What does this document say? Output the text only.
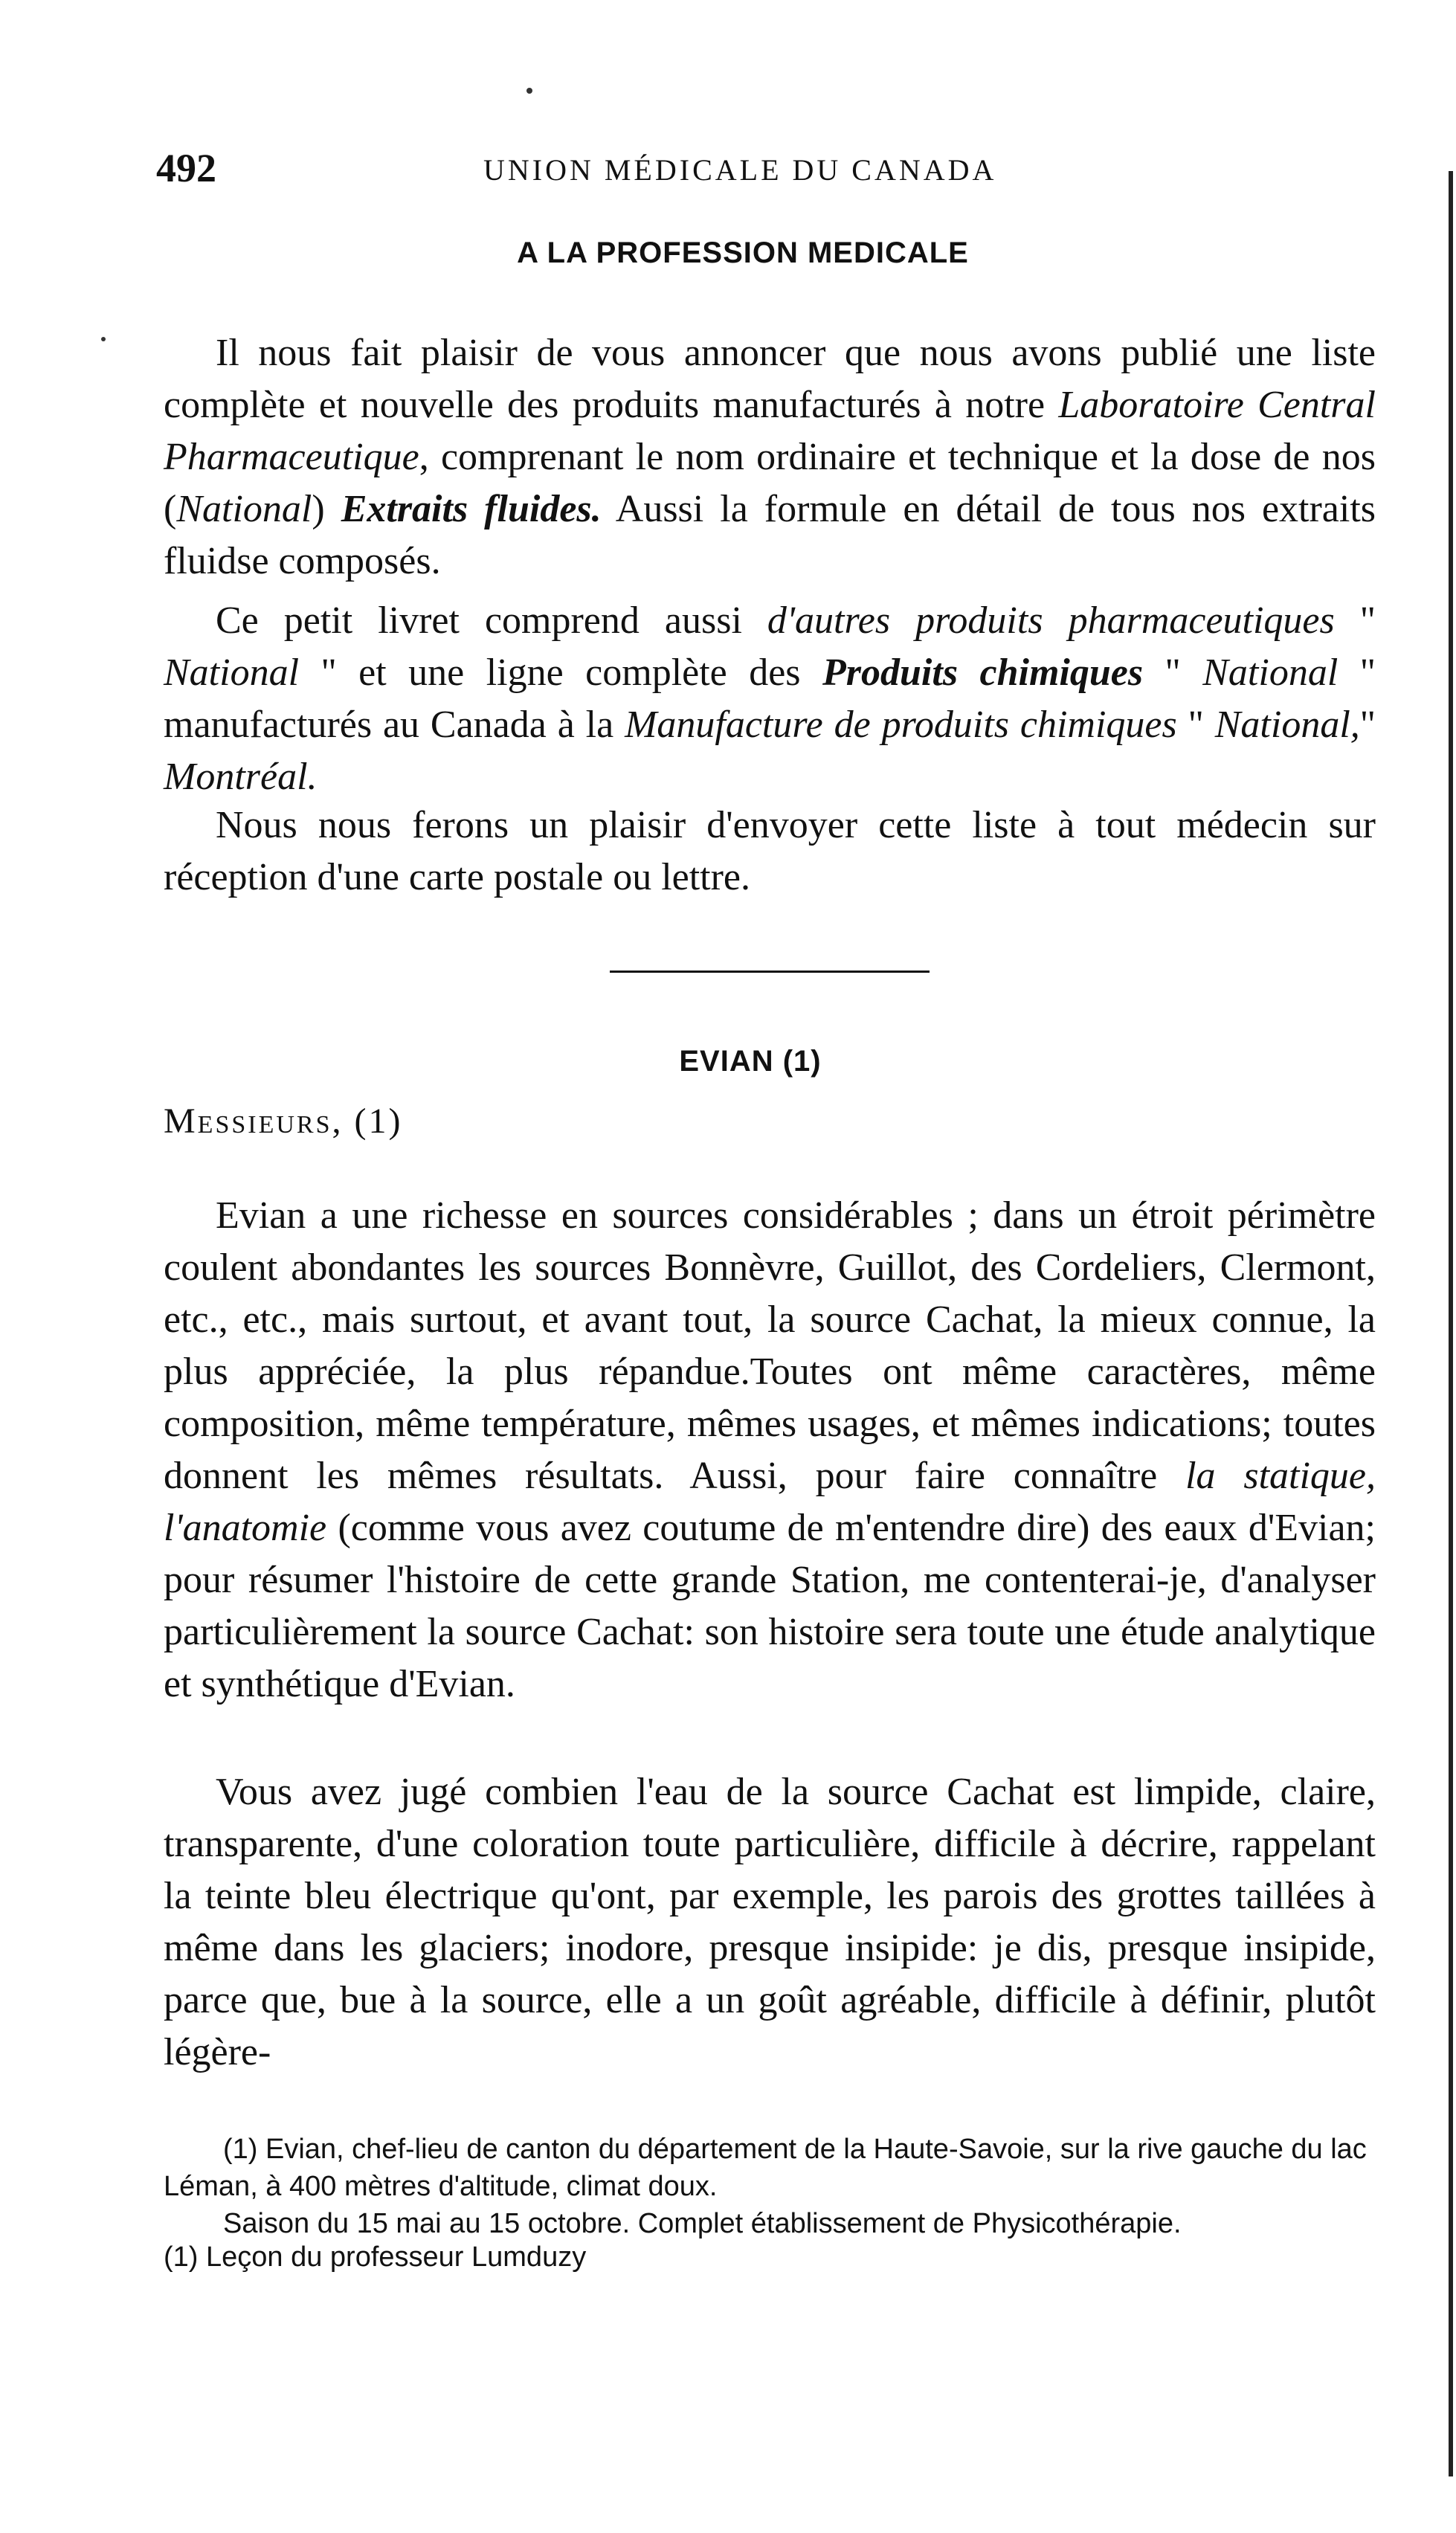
492	UNION MÉDICALE DU CANADA
A LA PROFESSION MEDICALE

Il nous fait plaisir de vous annoncer que nous avons publié une liste complète et nouvelle des produits manufacturés à notre Laboratoire Central Pharmaceutique, comprenant le nom ordinaire et technique et la dose de nos (National) Extraits fluides. Aussi la formule en détail de tous nos extraits fluidse composés.

Ce petit livret comprend aussi d'autres produits pharmaceutiques " National " et une ligne complète des Produits chimiques " National " manufacturés au Canada à la Manufacture de produits chimiques " National," Montréal.

Nous nous ferons un plaisir d'envoyer cette liste à tout médecin sur réception d'une carte postale ou lettre.

EVIAN (1)
Messieurs, (1)

Evian a une richesse en sources considérables ; dans un étroit périmètre coulent abondantes les sources Bonnèvre, Guillot, des Cordeliers, Clermont, etc., etc., mais surtout, et avant tout, la source Cachat, la mieux connue, la plus appréciée, la plus répandue.Toutes ont même caractères, même composition, même température, mêmes usages, et mêmes indications; toutes donnent les mêmes résultats. Aussi, pour faire connaître la statique, l'anatomie (comme vous avez coutume de m'entendre dire) des eaux d'Evian; pour résumer l'histoire de cette grande Station, me contenterai-je, d'analyser particulièrement la source Cachat: son histoire sera toute une étude analytique et synthétique d'Evian.

Vous avez jugé combien l'eau de la source Cachat est limpide, claire, transparente, d'une coloration toute particulière, difficile à décrire, rappelant la teinte bleu électrique qu'ont, par exemple, les parois des grottes taillées à même dans les glaciers; inodore, presque insipide: je dis, presque insipide, parce que, bue à la source, elle a un goût agréable, difficile à définir, plutôt légère-

(1) Evian, chef-lieu de canton du département de la Haute-Savoie, sur la rive gauche du lac Léman, à 400 mètres d'altitude, climat doux.

Saison du 15 mai au 15 octobre. Complet établissement de Physicothérapie.

(1) Leçon du professeur Lumduzy
